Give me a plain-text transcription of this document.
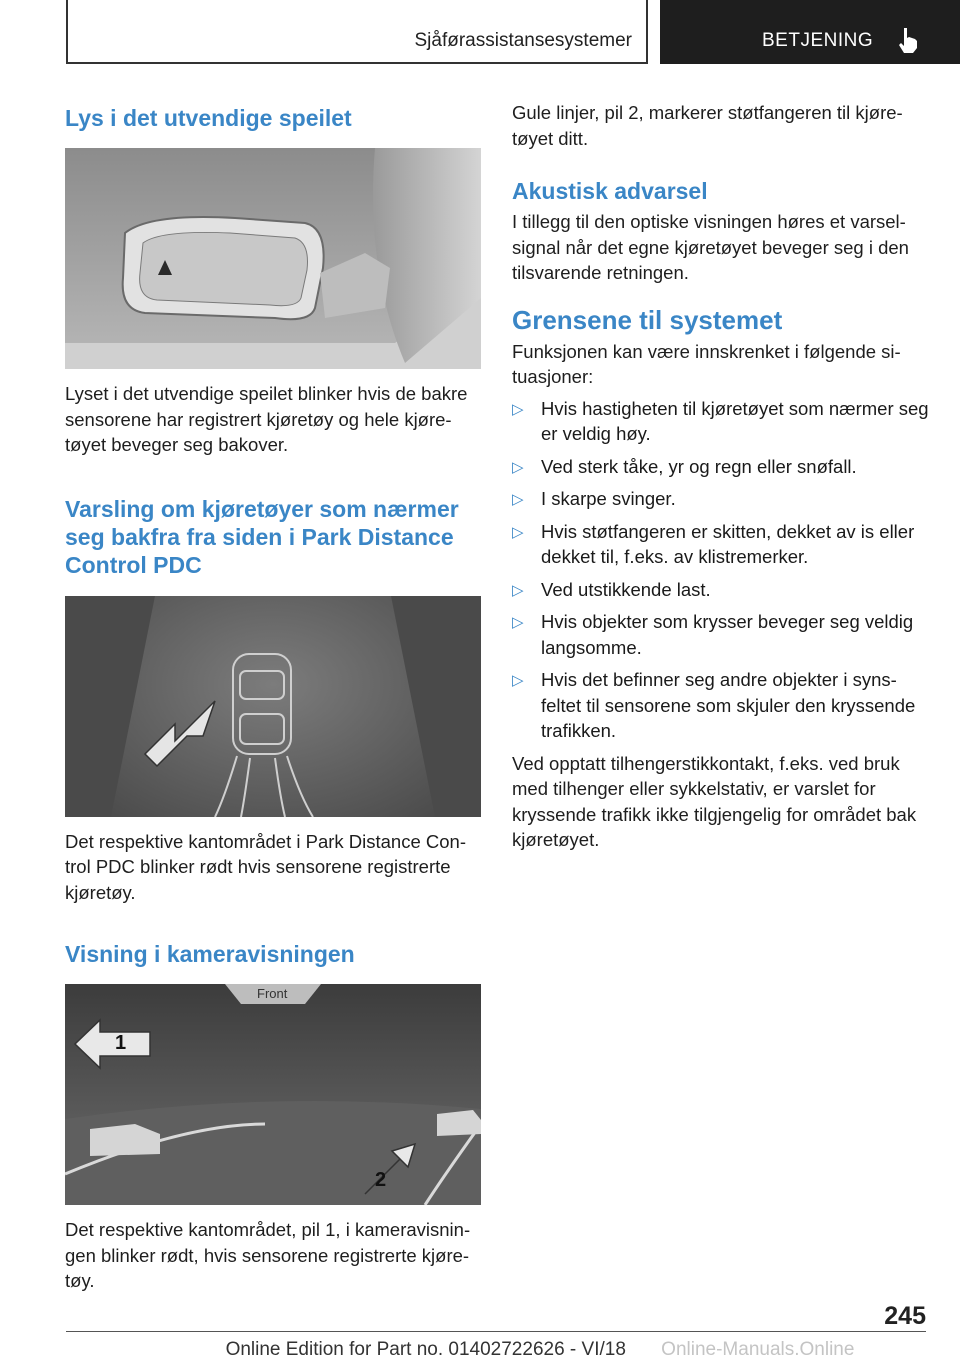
Sjåførassistansesystemer	BETJENING
Lys i det utvendige speilet

Lyset i det utvendige speilet blinker hvis de bakre sensorene har registrert kjøretøy og hele kjøre-tøyet beveger seg bakover.

Varsling om kjøretøyer som nærmer seg bakfra fra siden i Park Distance Control PDC

Det respektive kantområdet i Park Distance Con-trol PDC blinker rødt hvis sensorene registrerte kjøretøy.

Visning i kameravisningen
Front
1
2

Det respektive kantområdet, pil 1, i kameravisnin-gen blinker rødt, hvis sensorene registrerte kjøre-tøy.

Gule linjer, pil 2, markerer støtfangeren til kjøre-tøyet ditt.

Akustisk advarsel

I tillegg til den optiske visningen høres et varsel-signal når det egne kjøretøyet beveger seg i den tilsvarende retningen.

Grensene til systemet

Funksjonen kan være innskrenket i følgende si-tuasjoner:

▷ Hvis hastigheten til kjøretøyet som nærmer seg er veldig høy.
▷ Ved sterk tåke, yr og regn eller snøfall.
▷ I skarpe svinger.
▷ Hvis støtfangeren er skitten, dekket av is eller dekket til, f.eks. av klistremerker.
▷ Ved utstikkende last.
▷ Hvis objekter som krysser beveger seg veldig langsomme.
▷ Hvis det befinner seg andre objekter i syns-feltet til sensorene som skjuler den kryssende trafikken.

Ved opptatt tilhengerstikkontakt, f.eks. ved bruk med tilhenger eller sykkelstativ, er varslet for kryssende trafikk ikke tilgjengelig for området bak kjøretøyet.

245
Online Edition for Part no. 01402722626 - VI/18 Online-Manuals.Online
